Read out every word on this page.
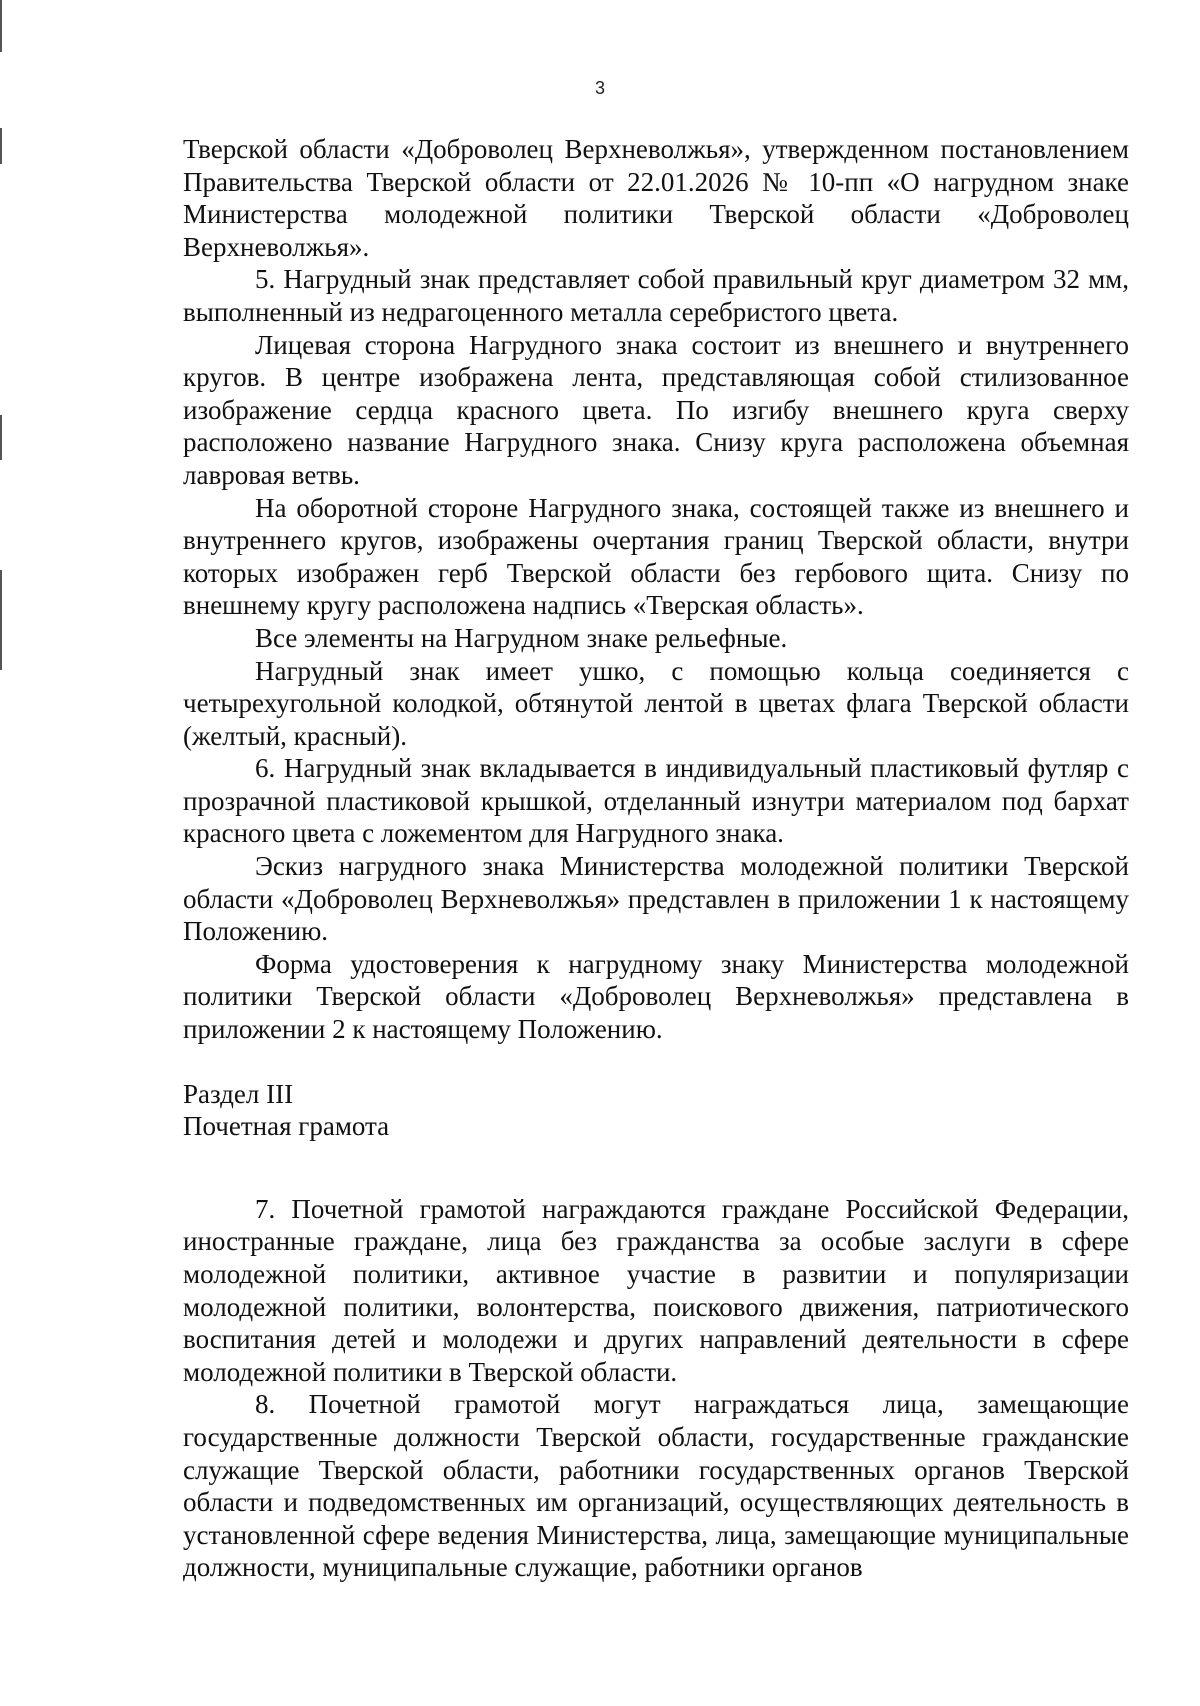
3

Тверской области «Доброволец Верхневолжья», утвержденном постановлением Правительства Тверской области от 22.01.2026 № 10-пп «О нагрудном знаке Министерства молодежной политики Тверской области «Доброволец Верхневолжья».

5. Нагрудный знак представляет собой правильный круг диаметром 32 мм, выполненный из недрагоценного металла серебристого цвета.

Лицевая сторона Нагрудного знака состоит из внешнего и внутреннего кругов. В центре изображена лента, представляющая собой стилизованное изображение сердца красного цвета. По изгибу внешнего круга сверху расположено название Нагрудного знака. Снизу круга расположена объемная лавровая ветвь.

На оборотной стороне Нагрудного знака, состоящей также из внешнего и внутреннего кругов, изображены очертания границ Тверской области, внутри которых изображен герб Тверской области без гербового щита. Снизу по внешнему кругу расположена надпись «Тверская область».

Все элементы на Нагрудном знаке рельефные.

Нагрудный знак имеет ушко, с помощью кольца соединяется с четырехугольной колодкой, обтянутой лентой в цветах флага Тверской области (желтый, красный).

6. Нагрудный знак вкладывается в индивидуальный пластиковый футляр с прозрачной пластиковой крышкой, отделанный изнутри материалом под бархат красного цвета с ложементом для Нагрудного знака.

Эскиз нагрудного знака Министерства молодежной политики Тверской области «Доброволец Верхневолжья» представлен в приложении 1 к настоящему Положению.

Форма удостоверения к нагрудному знаку Министерства молодежной политики Тверской области «Доброволец Верхневолжья» представлена в приложении 2 к настоящему Положению.

Раздел III

Почетная грамота

7. Почетной грамотой награждаются граждане Российской Федерации, иностранные граждане, лица без гражданства за особые заслуги в сфере молодежной политики, активное участие в развитии и популяризации молодежной политики, волонтерства, поискового движения, патриотического воспитания детей и молодежи и других направлений деятельности в сфере молодежной политики в Тверской области.

8. Почетной грамотой могут награждаться лица, замещающие государственные должности Тверской области, государственные гражданские служащие Тверской области, работники государственных органов Тверской области и подведомственных им организаций, осуществляющих деятельность в установленной сфере ведения Министерства, лица, замещающие муниципальные должности, муниципальные служащие, работники органов
